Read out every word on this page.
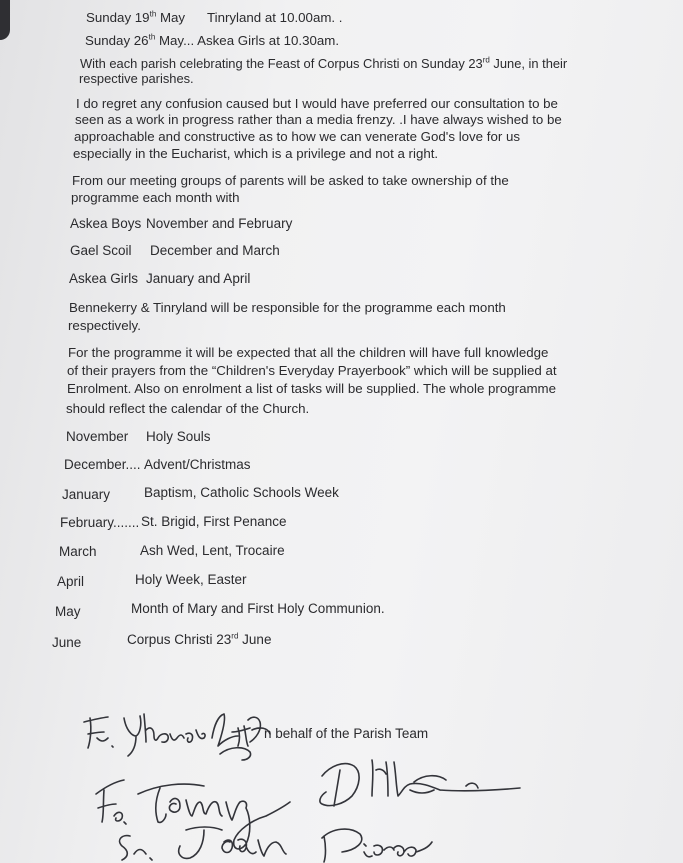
Sunday 19th May      Tinryland at 10.00am. .
Sunday 26th May... Askea Girls at 10.30am.
With each parish celebrating the Feast of Corpus Christi on Sunday 23rd June, in their
respective parishes.
I do regret any confusion caused but I would have preferred our consultation to be
seen as a work in progress rather than a media frenzy. .I have always wished to be
approachable and constructive as to how we can venerate God's love for us
especially in the Eucharist, which is a privilege and not a right.
From our meeting groups of parents will be asked to take ownership of the
programme each month with
Askea Boys November and February
Gael Scoil December and March
Askea Girls January and April
Bennekerry & Tinryland will be responsible for the programme each month
respectively.
For the programme it will be expected that all the children will have full knowledge
of their prayers from the “Children's Everyday Prayerbook” which will be supplied at
Enrolment. Also on enrolment a list of tasks will be supplied. The whole programme
should reflect the calendar of the Church.
November Holy Souls
December.... Advent/Christmas
January	Baptism, Catholic Schools Week
February....... St. Brigid, First Penance
March	Ash Wed, Lent, Trocaire
April	Holy Week, Easter
May	Month of Mary and First Holy Communion.
June	Corpus Christi 23rd June
n behalf of the Parish Team
